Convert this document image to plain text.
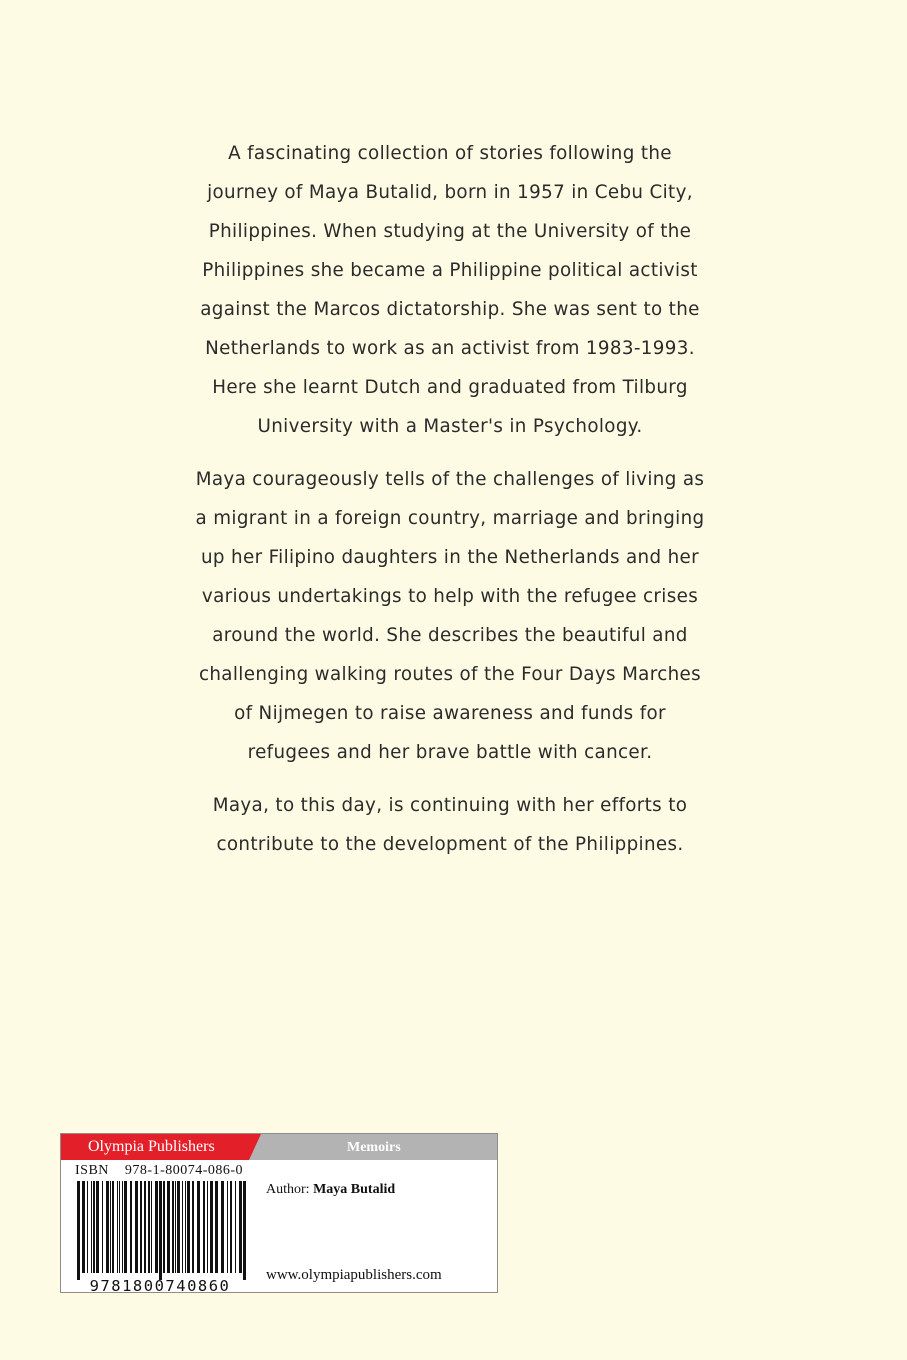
A fascinating collection of stories following the
journey of Maya Butalid, born in 1957 in Cebu City,
Philippines. When studying at the University of the
Philippines she became a Philippine political activist
against the Marcos dictatorship. She was sent to the
Netherlands to work as an activist from 1983-1993.
Here she learnt Dutch and graduated from Tilburg
University with a Master's in Psychology.
Maya courageously tells of the challenges of living as
a migrant in a foreign country, marriage and bringing
up her Filipino daughters in the Netherlands and her
various undertakings to help with the refugee crises
around the world. She describes the beautiful and
challenging walking routes of the Four Days Marches
of Nijmegen to raise awareness and funds for
refugees and her brave battle with cancer.
Maya, to this day, is continuing with her efforts to
contribute to the development of the Philippines.
Olympia Publishers	Memoirs
ISBN 978-1-80074-086-0
9781800740860
Author: Maya Butalid
www.olympiapublishers.com
